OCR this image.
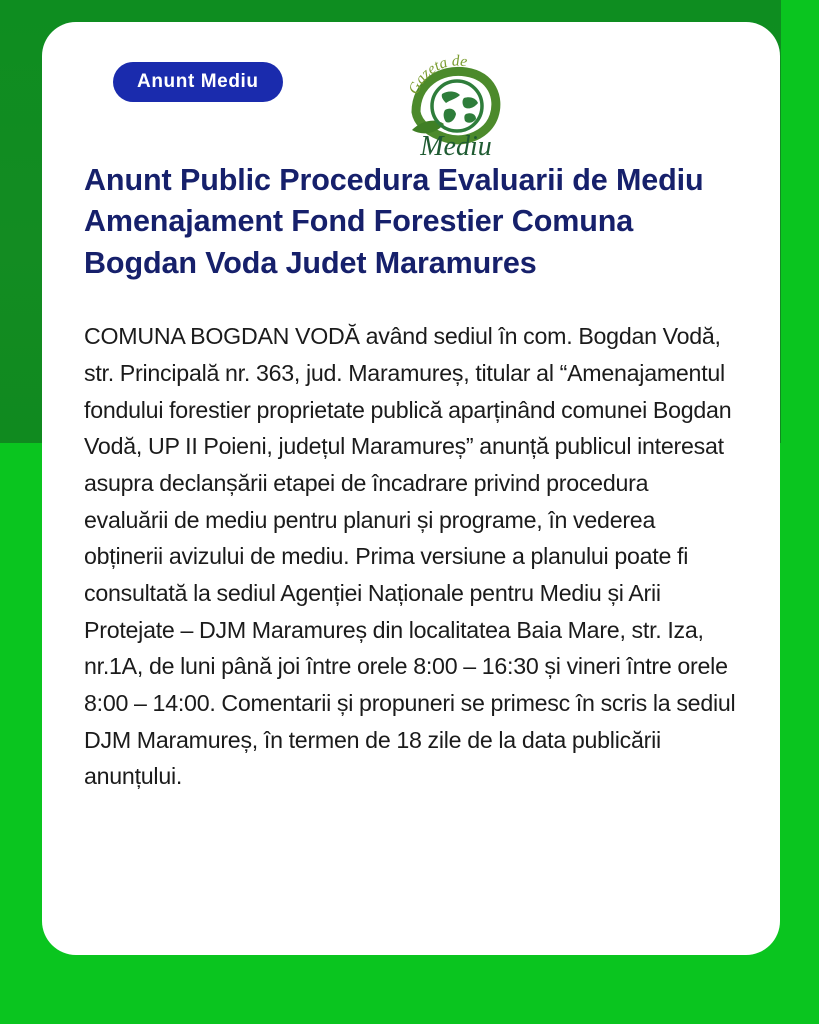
Anunt Mediu	Gazeta de
Mediu
Anunt Public Procedura Evaluarii de Mediu Amenajament Fond Forestier Comuna Bogdan Voda Judet Maramures

COMUNA BOGDAN VODĂ având sediul în com. Bogdan Vodă, str. Principală nr. 363, jud. Maramureș, titular al “Amenajamentul fondului forestier proprietate publică aparținând comunei Bogdan Vodă, UP II Poieni, județul Maramureș” anunță publicul interesat asupra declanșării etapei de încadrare privind procedura evaluării de mediu pentru planuri și programe, în vederea obținerii avizului de mediu. Prima versiune a planului poate fi consultată la sediul Agenției Naționale pentru Mediu și Arii Protejate – DJM Maramureș din localitatea Baia Mare, str. Iza, nr.1A, de luni până joi între orele 8:00 – 16:30 și vineri între orele 8:00 – 14:00. Comentarii și propuneri se primesc în scris la sediul DJM Maramureș, în termen de 18 zile de la data publicării anunțului.
